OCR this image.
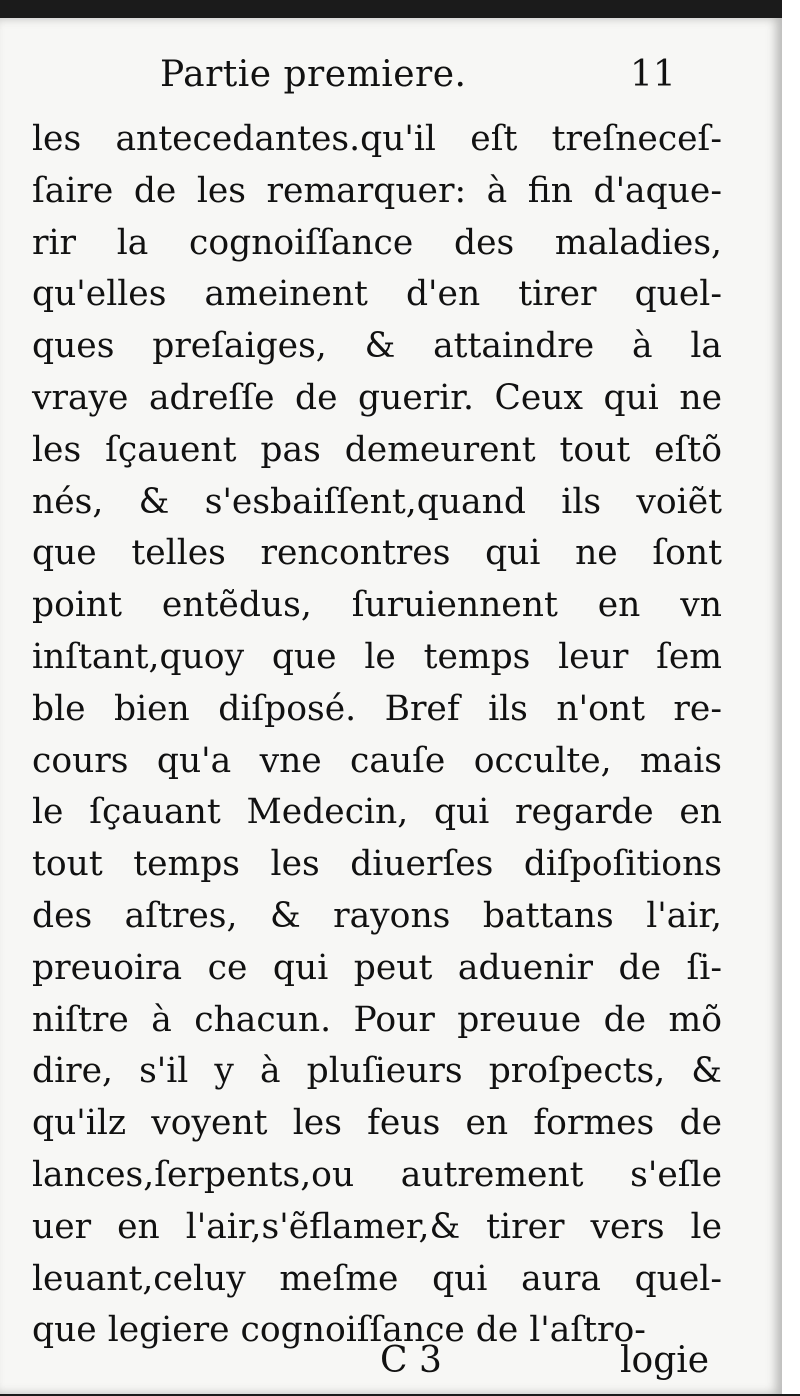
Partie premiere.	11
les antecedantes.qu'il eſt treſneceſ-
ſaire de les remarquer: à fin d'aque-
rir la cognoiſſance des maladies,
qu'elles ameinent d'en tirer quel-
ques preſaiges, & attaindre à la
vraye adreſſe de guerir. Ceux qui ne
les ſçauent pas demeurent tout eſtõ
nés, & s'esbaiſſent,quand ils voiẽt
que telles rencontres qui ne ſont
point entẽdus, ſuruiennent en vn
inſtant,quoy que le temps leur ſem
ble bien diſposé. Bref ils n'ont re-
cours qu'a vne cauſe occulte, mais
le ſçauant Medecin, qui regarde en
tout temps les diuerſes diſpoſitions
des aſtres, & rayons battans l'air,
preuoira ce qui peut aduenir de ſi-
niſtre à chacun. Pour preuue de mõ
dire, s'il y à pluſieurs proſpects, &
qu'ilz voyent les feus en formes de
lances,ſerpents,ou autrement s'eſle
uer en l'air,s'ẽflamer,& tirer vers le
leuant,celuy meſme qui aura quel-
que legiere cognoiſſance de l'aſtro-
C 3	logie
